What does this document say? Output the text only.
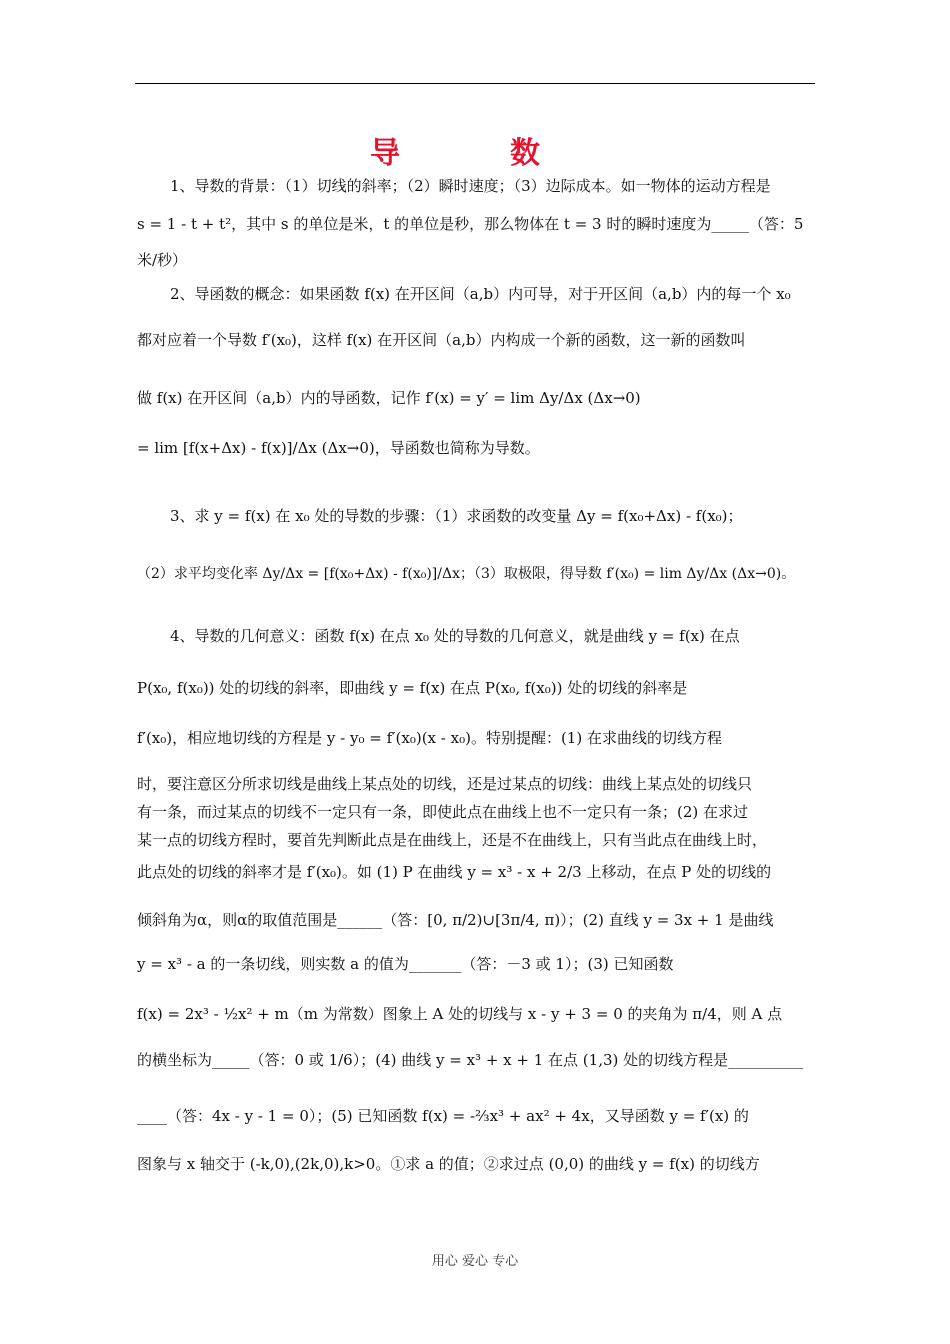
导　数
1、导数的背景：（1）切线的斜率；（2）瞬时速度；（3）边际成本。如一物体的运动方程是
s = 1 - t + t²，其中 s 的单位是米，t 的单位是秒，那么物体在 t = 3 时的瞬时速度为_____（答：5
米/秒）
2、导函数的概念：如果函数 f(x) 在开区间（a,b）内可导，对于开区间（a,b）内的每一个 x₀
都对应着一个导数 f′(x₀)，这样 f(x) 在开区间（a,b）内构成一个新的函数，这一新的函数叫
做 f(x) 在开区间（a,b）内的导函数，记作 f′(x) = y′ = lim Δy/Δx (Δx→0)
= lim [f(x+Δx) - f(x)]/Δx (Δx→0)，导函数也简称为导数。
3、求 y = f(x) 在 x₀ 处的导数的步骤：（1）求函数的改变量 Δy = f(x₀+Δx) - f(x₀)；
（2）求平均变化率 Δy/Δx = [f(x₀+Δx) - f(x₀)]/Δx；（3）取极限，得导数 f′(x₀) = lim Δy/Δx (Δx→0)。
4、导数的几何意义：函数 f(x) 在点 x₀ 处的导数的几何意义，就是曲线 y = f(x) 在点
P(x₀, f(x₀)) 处的切线的斜率，即曲线 y = f(x) 在点 P(x₀, f(x₀)) 处的切线的斜率是
f′(x₀)，相应地切线的方程是 y - y₀ = f′(x₀)(x - x₀)。特别提醒：(1) 在求曲线的切线方程
时，要注意区分所求切线是曲线上某点处的切线，还是过某点的切线：曲线上某点处的切线只
有一条，而过某点的切线不一定只有一条，即使此点在曲线上也不一定只有一条；(2) 在求过
某一点的切线方程时，要首先判断此点是在曲线上，还是不在曲线上，只有当此点在曲线上时，
此点处的切线的斜率才是 f′(x₀)。如 (1) P 在曲线 y = x³ - x + 2/3 上移动，在点 P 处的切线的
倾斜角为α，则α的取值范围是______（答：[0, π/2)∪[3π/4, π)）；(2) 直线 y = 3x + 1 是曲线
y = x³ - a 的一条切线，则实数 a 的值为_______（答：－3 或 1）；(3) 已知函数
f(x) = 2x³ - ½x² + m（m 为常数）图象上 A 处的切线与 x - y + 3 = 0 的夹角为 π/4，则 A 点
的横坐标为_____（答：0 或 1/6）；(4) 曲线 y = x³ + x + 1 在点 (1,3) 处的切线方程是__________
____（答：4x - y - 1 = 0）；(5) 已知函数 f(x) = -⅔x³ + ax² + 4x，又导函数 y = f′(x) 的
图象与 x 轴交于 (-k,0),(2k,0),k>0。①求 a 的值；②求过点 (0,0) 的曲线 y = f(x) 的切线方
用心 爱心 专心
